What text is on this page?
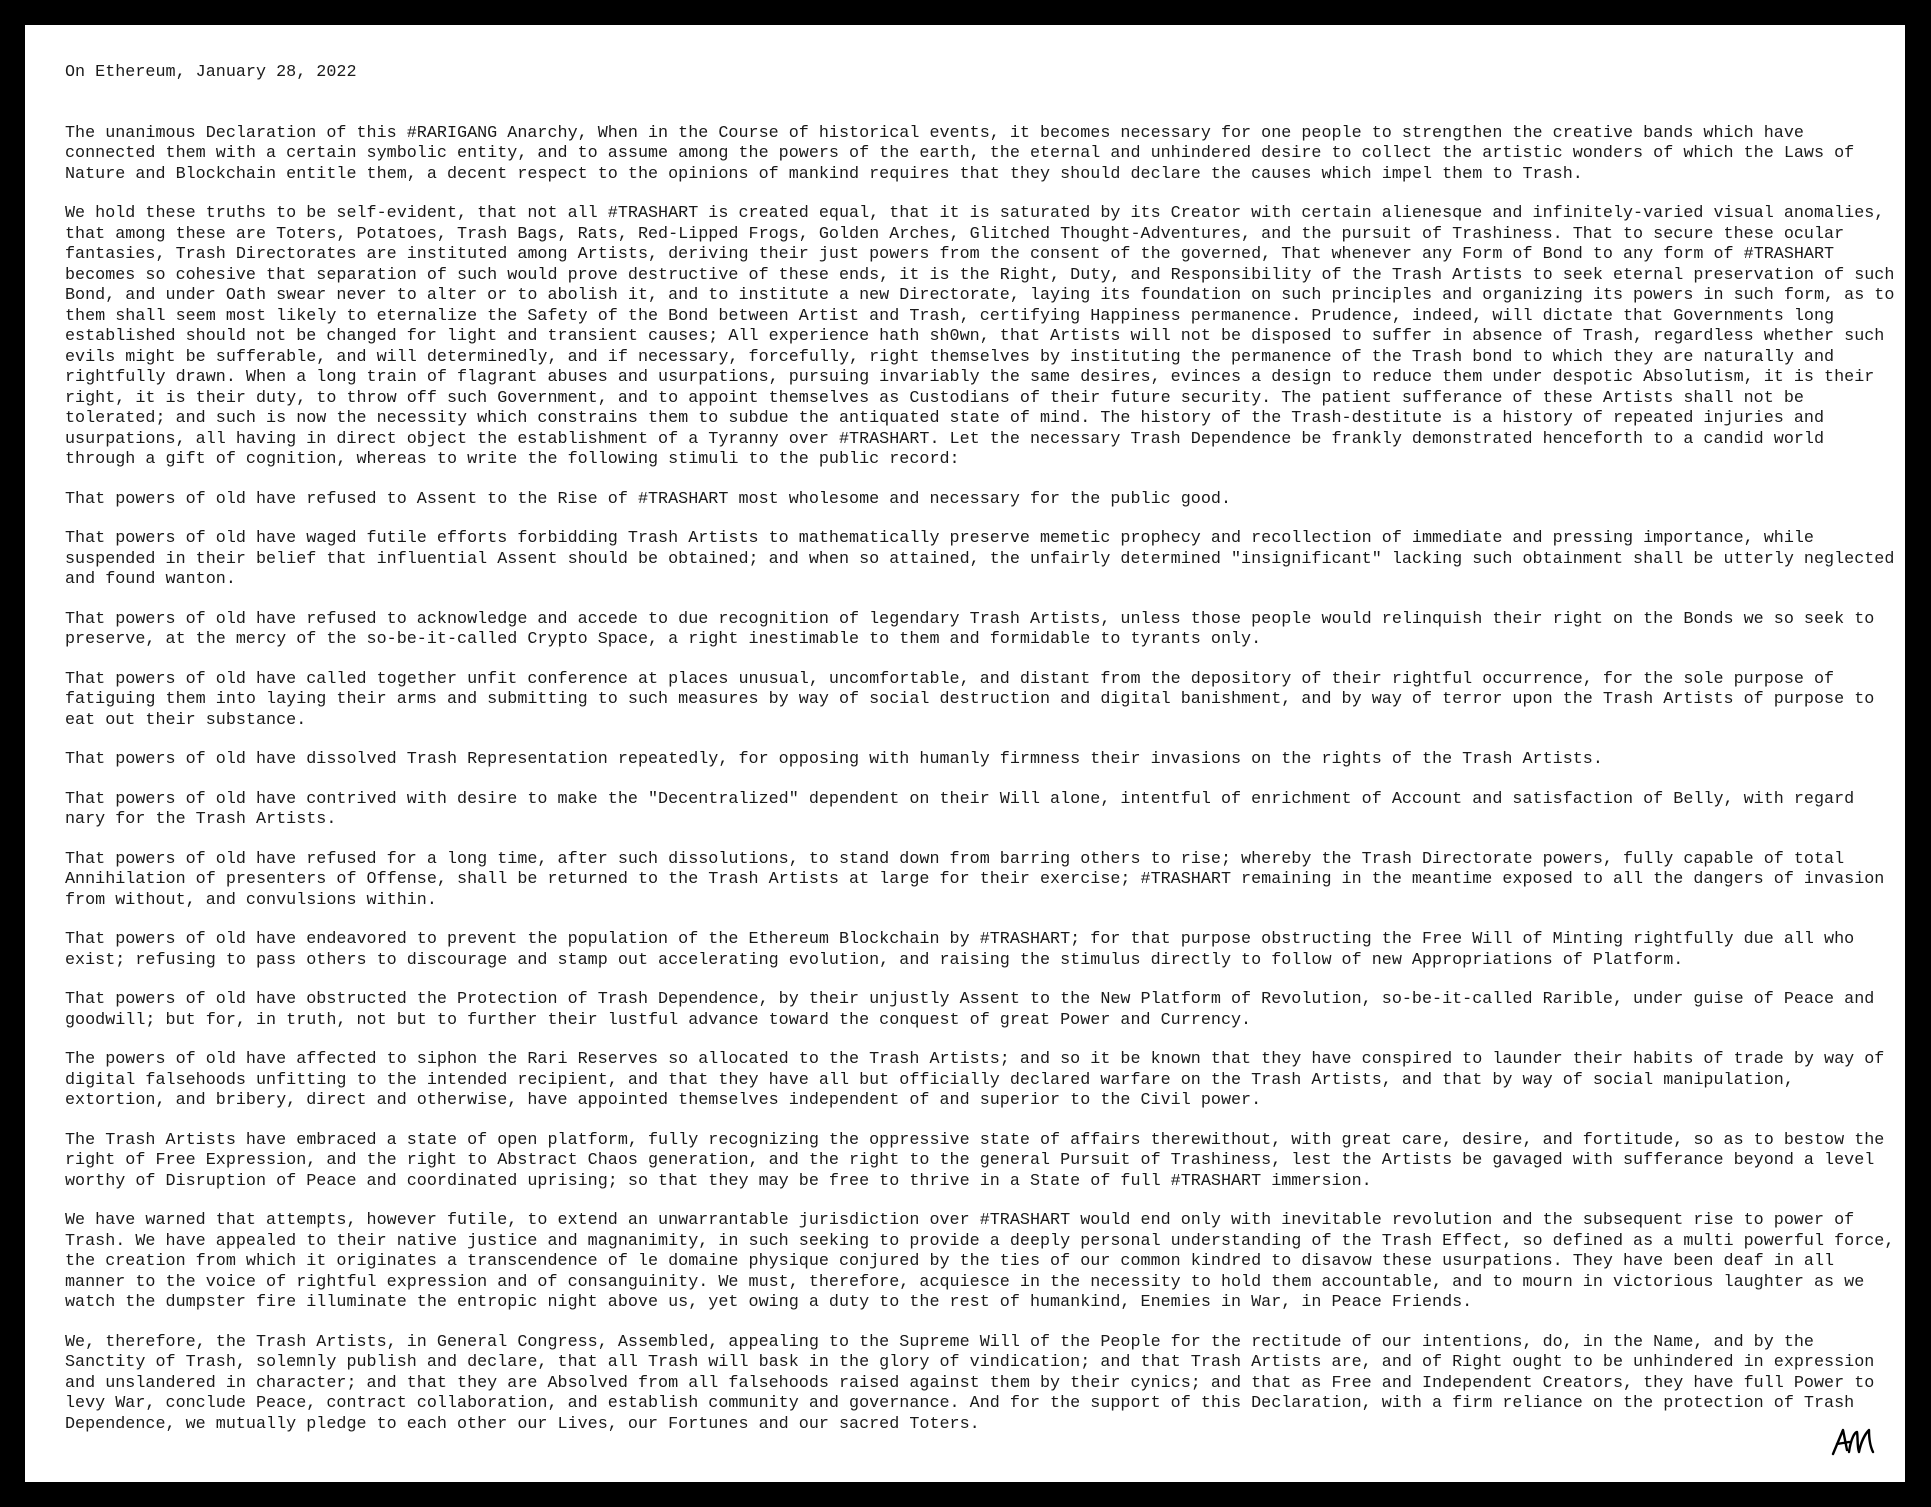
On Ethereum, January 28, 2022

The unanimous Declaration of this #RARIGANG Anarchy, When in the Course of historical events, it becomes necessary for one people to strengthen the creative bands which have connected them with a certain symbolic entity, and to assume among the powers of the earth, the eternal and unhindered desire to collect the artistic wonders of which the Laws of Nature and Blockchain entitle them, a decent respect to the opinions of mankind requires that they should declare the causes which impel them to Trash.

We hold these truths to be self-evident, that not all #TRASHART is created equal, that it is saturated by its Creator with certain alienesque and infinitely-varied visual anomalies, that among these are Toters, Potatoes, Trash Bags, Rats, Red-Lipped Frogs, Golden Arches, Glitched Thought-Adventures, and the pursuit of Trashiness. That to secure these ocular fantasies, Trash Directorates are instituted among Artists, deriving their just powers from the consent of the governed, That whenever any Form of Bond to any form of #TRASHART becomes so cohesive that separation of such would prove destructive of these ends, it is the Right, Duty, and Responsibility of the Trash Artists to seek eternal preservation of such Bond, and under Oath swear never to alter or to abolish it, and to institute a new Directorate, laying its foundation on such principles and organizing its powers in such form, as to them shall seem most likely to eternalize the Safety of the Bond between Artist and Trash, certifying Happiness permanence. Prudence, indeed, will dictate that Governments long established should not be changed for light and transient causes; All experience hath sh0wn, that Artists will not be disposed to suffer in absence of Trash, regardless whether such evils might be sufferable, and will determinedly, and if necessary, forcefully, right themselves by instituting the permanence of the Trash bond to which they are naturally and rightfully drawn. When a long train of flagrant abuses and usurpations, pursuing invariably the same desires, evinces a design to reduce them under despotic Absolutism, it is their right, it is their duty, to throw off such Government, and to appoint themselves as Custodians of their future security. The patient sufferance of these Artists shall not be tolerated; and such is now the necessity which constrains them to subdue the antiquated state of mind. The history of the Trash-destitute is a history of repeated injuries and usurpations, all having in direct object the establishment of a Tyranny over #TRASHART. Let the necessary Trash Dependence be frankly demonstrated henceforth to a candid world through a gift of cognition, whereas to write the following stimuli to the public record:

That powers of old have refused to Assent to the Rise of #TRASHART most wholesome and necessary for the public good.

That powers of old have waged futile efforts forbidding Trash Artists to mathematically preserve memetic prophecy and recollection of immediate and pressing importance, while suspended in their belief that influential Assent should be obtained; and when so attained, the unfairly determined "insignificant" lacking such obtainment shall be utterly neglected and found wanton.

That powers of old have refused to acknowledge and accede to due recognition of legendary Trash Artists, unless those people would relinquish their right on the Bonds we so seek to preserve, at the mercy of the so-be-it-called Crypto Space, a right inestimable to them and formidable to tyrants only.

That powers of old have called together unfit conference at places unusual, uncomfortable, and distant from the depository of their rightful occurrence, for the sole purpose of fatiguing them into laying their arms and submitting to such measures by way of social destruction and digital banishment, and by way of terror upon the Trash Artists of purpose to eat out their substance.

That powers of old have dissolved Trash Representation repeatedly, for opposing with humanly firmness their invasions on the rights of the Trash Artists.

That powers of old have contrived with desire to make the "Decentralized" dependent on their Will alone, intentful of enrichment of Account and satisfaction of Belly, with regard nary for the Trash Artists.

That powers of old have refused for a long time, after such dissolutions, to stand down from barring others to rise; whereby the Trash Directorate powers, fully capable of total Annihilation of presenters of Offense, shall be returned to the Trash Artists at large for their exercise; #TRASHART remaining in the meantime exposed to all the dangers of invasion from without, and convulsions within.

That powers of old have endeavored to prevent the population of the Ethereum Blockchain by #TRASHART; for that purpose obstructing the Free Will of Minting rightfully due all who exist; refusing to pass others to discourage and stamp out accelerating evolution, and raising the stimulus directly to follow of new Appropriations of Platform.

That powers of old have obstructed the Protection of Trash Dependence, by their unjustly Assent to the New Platform of Revolution, so-be-it-called Rarible, under guise of Peace and goodwill; but for, in truth, not but to further their lustful advance toward the conquest of great Power and Currency.

The powers of old have affected to siphon the Rari Reserves so allocated to the Trash Artists; and so it be known that they have conspired to launder their habits of trade by way of digital falsehoods unfitting to the intended recipient, and that they have all but officially declared warfare on the Trash Artists, and that by way of social manipulation, extortion, and bribery, direct and otherwise, have appointed themselves independent of and superior to the Civil power.

The Trash Artists have embraced a state of open platform, fully recognizing the oppressive state of affairs therewithout, with great care, desire, and fortitude, so as to bestow the right of Free Expression, and the right to Abstract Chaos generation, and the right to the general Pursuit of Trashiness, lest the Artists be gavaged with sufferance beyond a level worthy of Disruption of Peace and coordinated uprising; so that they may be free to thrive in a State of full #TRASHART immersion.

We have warned that attempts, however futile, to extend an unwarrantable jurisdiction over #TRASHART would end only with inevitable revolution and the subsequent rise to power of Trash. We have appealed to their native justice and magnanimity, in such seeking to provide a deeply personal understanding of the Trash Effect, so defined as a multi powerful force, the creation from which it originates a transcendence of le domaine physique conjured by the ties of our common kindred to disavow these usurpations. They have been deaf in all manner to the voice of rightful expression and of consanguinity. We must, therefore, acquiesce in the necessity to hold them accountable, and to mourn in victorious laughter as we watch the dumpster fire illuminate the entropic night above us, yet owing a duty to the rest of humankind, Enemies in War, in Peace Friends.

We, therefore, the Trash Artists, in General Congress, Assembled, appealing to the Supreme Will of the People for the rectitude of our intentions, do, in the Name, and by the Sanctity of Trash, solemnly publish and declare, that all Trash will bask in the glory of vindication; and that Trash Artists are, and of Right ought to be unhindered in expression and unslandered in character; and that they are Absolved from all falsehoods raised against them by their cynics; and that as Free and Independent Creators, they have full Power to levy War, conclude Peace, contract collaboration, and establish community and governance. And for the support of this Declaration, with a firm reliance on the protection of Trash Dependence, we mutually pledge to each other our Lives, our Fortunes and our sacred Toters.
